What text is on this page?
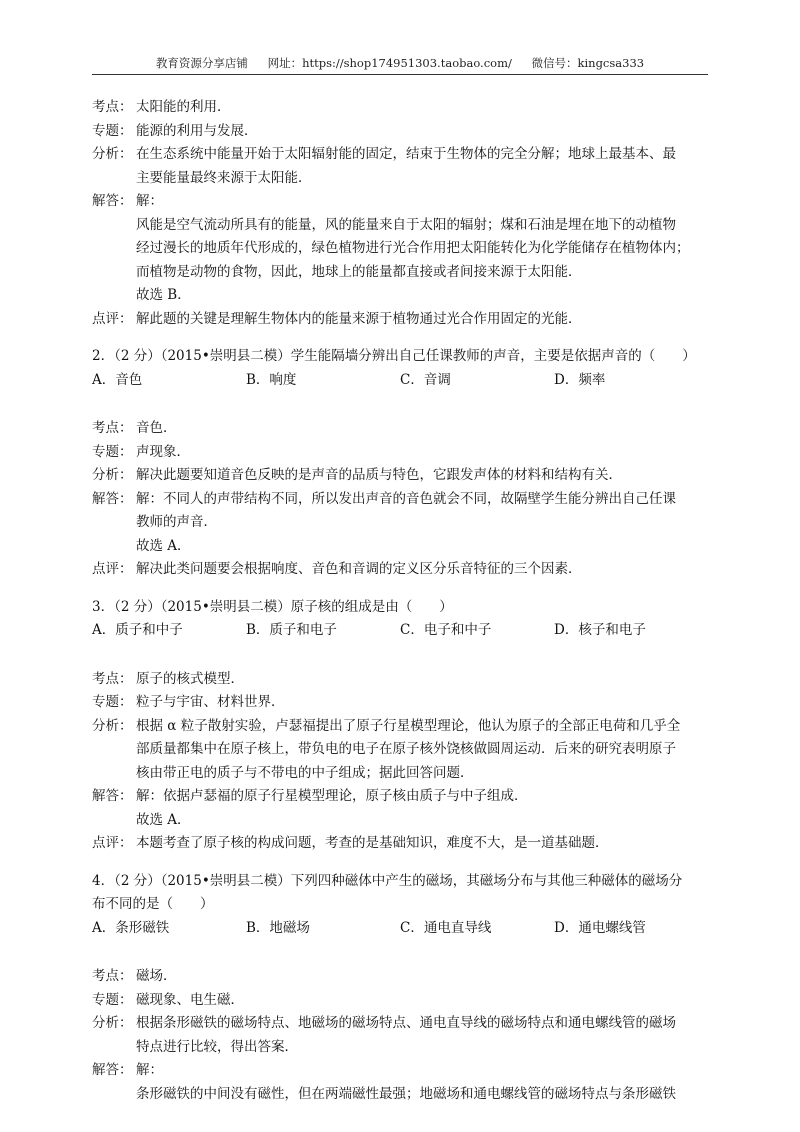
教育资源分享店铺 网址：https://shop174951303.taobao.com/ 微信号：kingcsa333
考点： 太阳能的利用．
专题： 能源的利用与发展．
分析： 在生态系统中能量开始于太阳辐射能的固定，结束于生物体的完全分解；地球上最基本、最
主要能量最终来源于太阳能．
解答： 解：
风能是空气流动所具有的能量，风的能量来自于太阳的辐射；煤和石油是埋在地下的动植物
经过漫长的地质年代形成的，绿色植物进行光合作用把太阳能转化为化学能储存在植物体内；
而植物是动物的食物，因此，地球上的能量都直接或者间接来源于太阳能．
故选 B．
点评： 解此题的关键是理解生物体内的能量来源于植物通过光合作用固定的光能．
2．（2 分）（2015•崇明县二模）学生能隔墙分辨出自己任课教师的声音，主要是依据声音的（　　）
A．音色	B．响度	C．音调	D．频率
考点： 音色．
专题： 声现象．
分析： 解决此题要知道音色反映的是声音的品质与特色，它跟发声体的材料和结构有关．
解答： 解：不同人的声带结构不同，所以发出声音的音色就会不同，故隔壁学生能分辨出自己任课
教师的声音．
故选 A．
点评： 解决此类问题要会根据响度、音色和音调的定义区分乐音特征的三个因素．
3．（2 分）（2015•崇明县二模）原子核的组成是由（　　）
A．质子和中子	B．质子和电子	C．电子和中子	D．核子和电子
考点： 原子的核式模型．
专题： 粒子与宇宙、材料世界．
分析： 根据 α 粒子散射实验，卢瑟福提出了原子行星模型理论，他认为原子的全部正电荷和几乎全
部质量都集中在原子核上，带负电的电子在原子核外饶核做圆周运动．后来的研究表明原子
核由带正电的质子与不带电的中子组成；据此回答问题．
解答： 解：依据卢瑟福的原子行星模型理论，原子核由质子与中子组成．
故选 A．
点评： 本题考查了原子核的构成问题，考查的是基础知识，难度不大，是一道基础题．
4．（2 分）（2015•崇明县二模）下列四种磁体中产生的磁场，其磁场分布与其他三种磁体的磁场分
布不同的是（　　）
A．条形磁铁	B．地磁场	C．通电直导线	D．通电螺线管
考点： 磁场．
专题： 磁现象、电生磁．
分析： 根据条形磁铁的磁场特点、地磁场的磁场特点、通电直导线的磁场特点和通电螺线管的磁场
特点进行比较，得出答案．
解答： 解：
条形磁铁的中间没有磁性，但在两端磁性最强；地磁场和通电螺线管的磁场特点与条形磁铁
